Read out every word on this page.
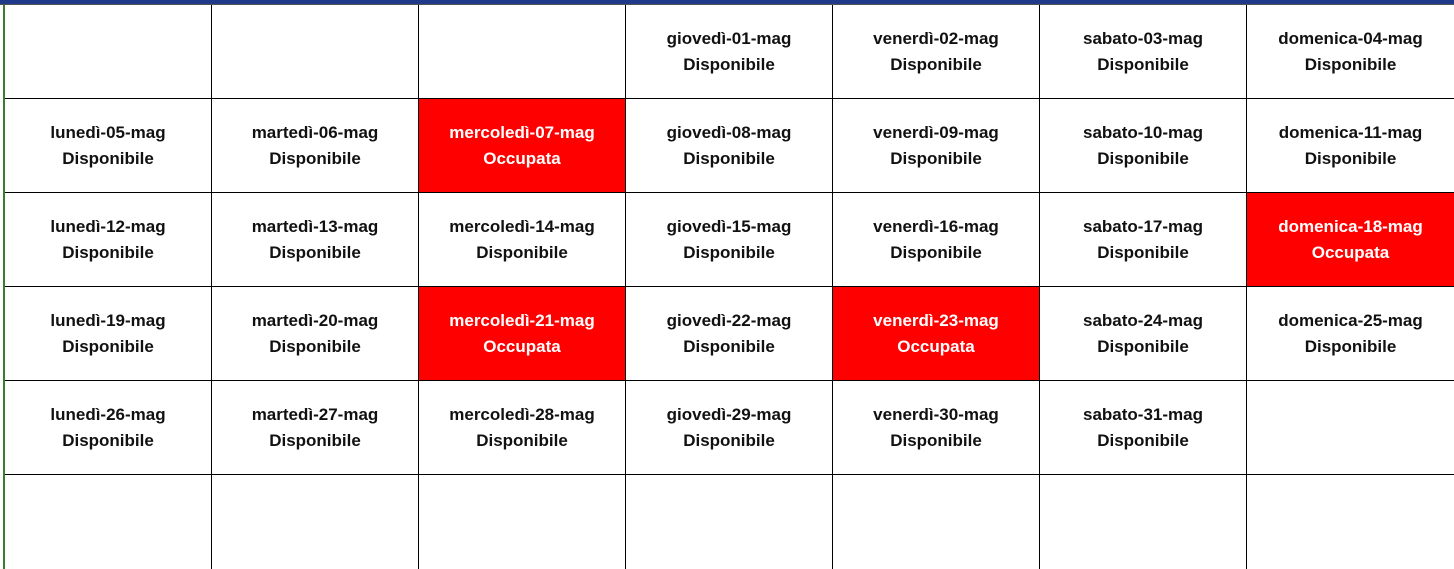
giovedì-01-mag
Disponibile
venerdì-02-mag
Disponibile
sabato-03-mag
Disponibile
domenica-04-mag
Disponibile
lunedì-05-mag
Disponibile
martedì-06-mag
Disponibile
mercoledì-07-mag
Occupata
giovedì-08-mag
Disponibile
venerdì-09-mag
Disponibile
sabato-10-mag
Disponibile
domenica-11-mag
Disponibile
lunedì-12-mag
Disponibile
martedì-13-mag
Disponibile
mercoledì-14-mag
Disponibile
giovedì-15-mag
Disponibile
venerdì-16-mag
Disponibile
sabato-17-mag
Disponibile
domenica-18-mag
Occupata
lunedì-19-mag
Disponibile
martedì-20-mag
Disponibile
mercoledì-21-mag
Occupata
giovedì-22-mag
Disponibile
venerdì-23-mag
Occupata
sabato-24-mag
Disponibile
domenica-25-mag
Disponibile
lunedì-26-mag
Disponibile
martedì-27-mag
Disponibile
mercoledì-28-mag
Disponibile
giovedì-29-mag
Disponibile
venerdì-30-mag
Disponibile
sabato-31-mag
Disponibile
